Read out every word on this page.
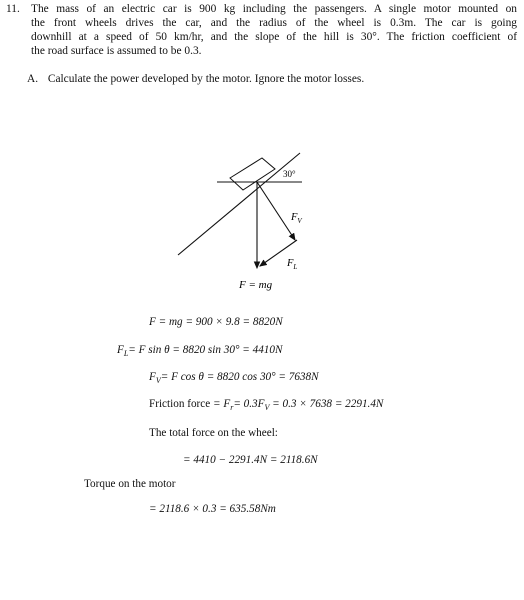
11. The mass of an electric car is 900 kg including the passengers. A single motor mounted on
the front wheels drives the car, and the radius of the wheel is 0.3m. The car is going
downhill at a speed of 50 km/hr, and the slope of the hill is 30°. The friction coefficient of
the road surface is assumed to be 0.3.
A. Calculate the power developed by the motor. Ignore the motor losses.
30°
$F_V$
$F_L$
F = mg
F = mg = 900 × 9.8 = 8820N
$F_L= F$ sin θ = 8820 sin 30° = 4410N
$F_V= F$ cos θ = 8820 cos 30° = 7638N
Friction force = $F_r= 0.3F_V = 0.3 \times 7638 = 2291.4N$
The total force on the wheel:
= 4410 − 2291.4N = 2118.6N
Torque on the motor
= 2118.6 × 0.3 = 635.58Nm
